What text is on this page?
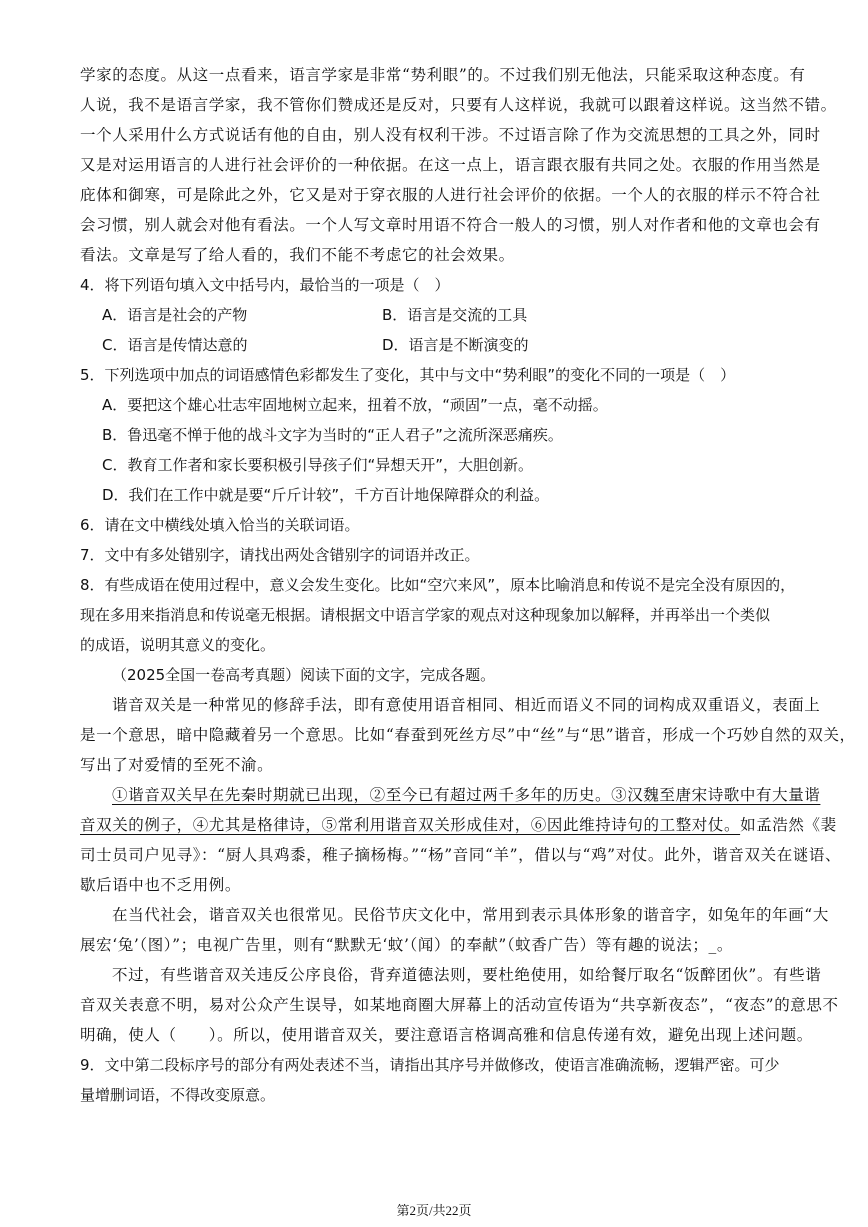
学家的态度。从这一点看来，语言学家是非常“势利眼”的。不过我们别无他法，只能采取这种态度。有
人说，我不是语言学家，我不管你们赞成还是反对，只要有人这样说，我就可以跟着这样说。这当然不错。
一个人采用什么方式说话有他的自由，别人没有权利干涉。不过语言除了作为交流思想的工具之外，同时
又是对运用语言的人进行社会评价的一种依据。在这一点上，语言跟衣服有共同之处。衣服的作用当然是
庇体和御寒，可是除此之外，它又是对于穿衣服的人进行社会评价的依据。一个人的衣服的样示不符合社
会习惯，别人就会对他有看法。一个人写文章时用语不符合一般人的习惯，别人对作者和他的文章也会有
看法。文章是写了给人看的，我们不能不考虑它的社会效果。
4．将下列语句填入文中括号内，最恰当的一项是（　）
A．语言是社会的产物	B．语言是交流的工具
C．语言是传情达意的	D．语言是不断演变的
5．下列选项中加点的词语感情色彩都发生了变化，其中与文中“势利眼”的变化不同的一项是（　）
A．要把这个雄心壮志牢固地树立起来，扭着不放，“顽固”一点，毫不动摇。
B．鲁迅毫不惮于他的战斗文字为当时的“正人君子”之流所深恶痛疾。
C．教育工作者和家长要积极引导孩子们“异想天开”，大胆创新。
D．我们在工作中就是要“斤斤计较”，千方百计地保障群众的利益。
6．请在文中横线处填入恰当的关联词语。
7．文中有多处错别字，请找出两处含错别字的词语并改正。
8．有些成语在使用过程中，意义会发生变化。比如“空穴来风”，原本比喻消息和传说不是完全没有原因的，
现在多用来指消息和传说毫无根据。请根据文中语言学家的观点对这种现象加以解释，并再举出一个类似
的成语，说明其意义的变化。
（2025全国一卷高考真题）阅读下面的文字，完成各题。
谐音双关是一种常见的修辞手法，即有意使用语音相同、相近而语义不同的词构成双重语义，表面上
是一个意思，暗中隐藏着另一个意思。比如“春蚕到死丝方尽”中“丝”与“思”谐音，形成一个巧妙自然的双关，
写出了对爱情的至死不渝。
①谐音双关早在先秦时期就已出现，②至今已有超过两千多年的历史。③汉魏至唐宋诗歌中有大量谐
音双关的例子，④尤其是格律诗，⑤常利用谐音双关形成佳对，⑥因此维持诗句的工整对仗。如孟浩然《裴
司士员司户见寻》：“厨人具鸡黍，稚子摘杨梅。”“杨”音同“羊”，借以与“鸡”对仗。此外，谐音双关在谜语、
歇后语中也不乏用例。
在当代社会，谐音双关也很常见。民俗节庆文化中，常用到表示具体形象的谐音字，如兔年的年画“大
展宏‘兔’（图）”；电视广告里，则有“默默无‘蚊’（闻）的奉献”（蚊香广告）等有趣的说法；_。
不过，有些谐音双关违反公序良俗，背弃道德法则，要杜绝使用，如给餐厅取名“饭醉团伙”。有些谐
音双关表意不明，易对公众产生误导，如某地商圈大屏幕上的活动宣传语为“共享新夜态”，“夜态”的意思不
明确，使人（　　）。所以，使用谐音双关，要注意语言格调高雅和信息传递有效，避免出现上述问题。
9．文中第二段标序号的部分有两处表述不当，请指出其序号并做修改，使语言准确流畅，逻辑严密。可少
量增删词语，不得改变原意。
第2页/共22页
